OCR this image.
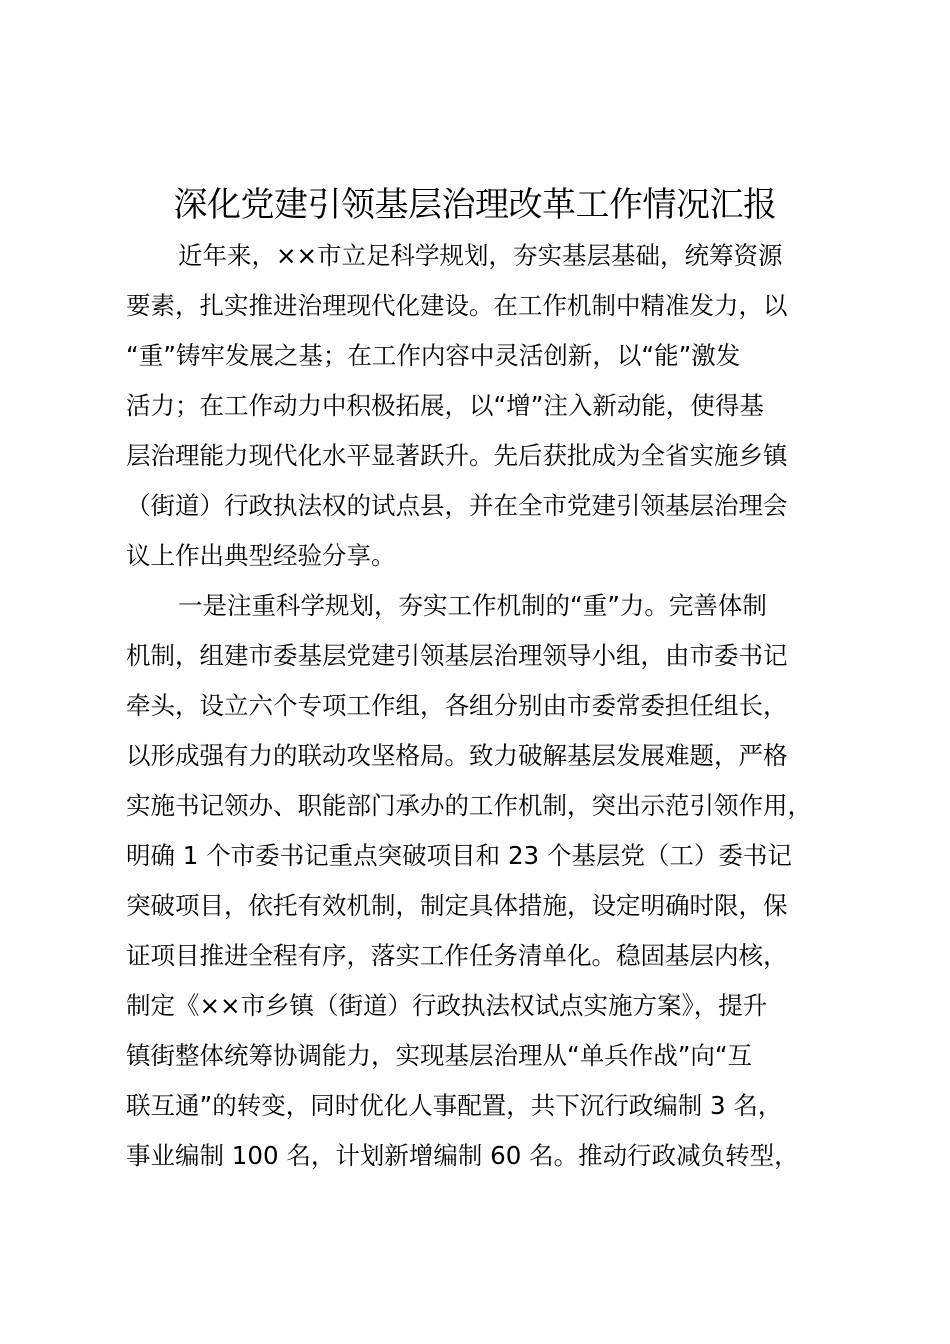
深化党建引领基层治理改革工作情况汇报
近年来，××市立足科学规划，夯实基层基础，统筹资源
要素，扎实推进治理现代化建设。在工作机制中精准发力，以
“重”铸牢发展之基；在工作内容中灵活创新，以“能”激发
活力；在工作动力中积极拓展，以“增”注入新动能，使得基
层治理能力现代化水平显著跃升。先后获批成为全省实施乡镇
（街道）行政执法权的试点县，并在全市党建引领基层治理会
议上作出典型经验分享。
一是注重科学规划，夯实工作机制的“重”力。完善体制
机制，组建市委基层党建引领基层治理领导小组，由市委书记
牵头，设立六个专项工作组，各组分别由市委常委担任组长，
以形成强有力的联动攻坚格局。致力破解基层发展难题，严格
实施书记领办、职能部门承办的工作机制，突出示范引领作用，
明确 1 个市委书记重点突破项目和 23 个基层党（工）委书记
突破项目，依托有效机制，制定具体措施，设定明确时限，保
证项目推进全程有序，落实工作任务清单化。稳固基层内核，
制定《××市乡镇（街道）行政执法权试点实施方案》，提升
镇街整体统筹协调能力，实现基层治理从“单兵作战”向“互
联互通”的转变，同时优化人事配置，共下沉行政编制 3 名，
事业编制 100 名，计划新增编制 60 名。推动行政减负转型，
